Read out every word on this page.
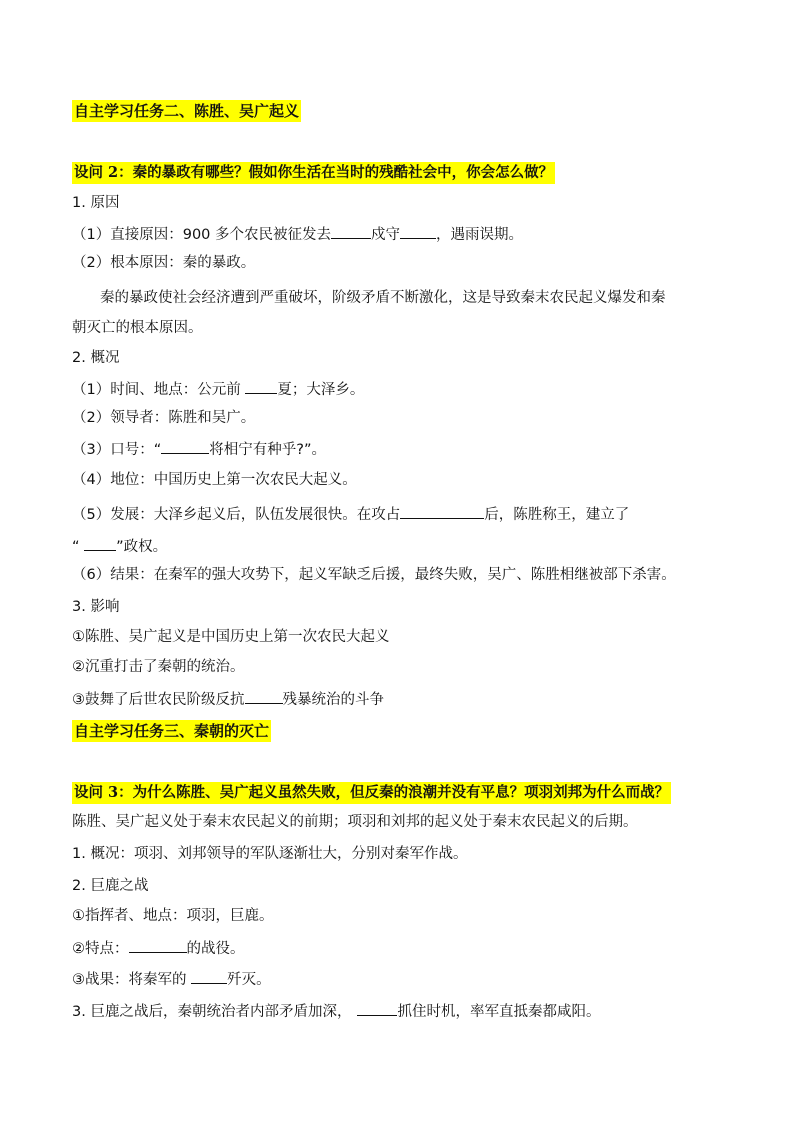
自主学习任务二、陈胜、吴广起义
设问 2：秦的暴政有哪些？假如你生活在当时的残酷社会中，你会怎么做？
1. 原因
（1）直接原因：900 多个农民被征发去	戍守 ，遇雨误期。
（2）根本原因：秦的暴政。
秦的暴政使社会经济遭到严重破坏，阶级矛盾不断激化，这是导致秦末农民起义爆发和秦
朝灭亡的根本原因。
2. 概况
（1）时间、地点：公元前	夏；大泽乡。
（2）领导者：陈胜和吴广。
（3）口号：“	将相宁有种乎?”。
（4）地位：中国历史上第一次农民大起义。
（5）发展：大泽乡起义后，队伍发展很快。在攻占	后，陈胜称王，建立了
“	”政权。
（6）结果：在秦军的强大攻势下，起义军缺乏后援，最终失败，吴广、陈胜相继被部下杀害。
3. 影响
①陈胜、吴广起义是中国历史上第一次农民大起义
②沉重打击了秦朝的统治。
③鼓舞了后世农民阶级反抗	残暴统治的斗争
自主学习任务三、秦朝的灭亡
设问 3：为什么陈胜、吴广起义虽然失败，但反秦的浪潮并没有平息？项羽刘邦为什么而战？
陈胜、吴广起义处于秦末农民起义的前期；项羽和刘邦的起义处于秦末农民起义的后期。
1. 概况：项羽、刘邦领导的军队逐渐壮大，分别对秦军作战。
2. 巨鹿之战
①指挥者、地点：项羽，巨鹿。
②特点：	的战役。
③战果：将秦军的	歼灭。
3. 巨鹿之战后，秦朝统治者内部矛盾加深，	抓住时机，率军直抵秦都咸阳。
